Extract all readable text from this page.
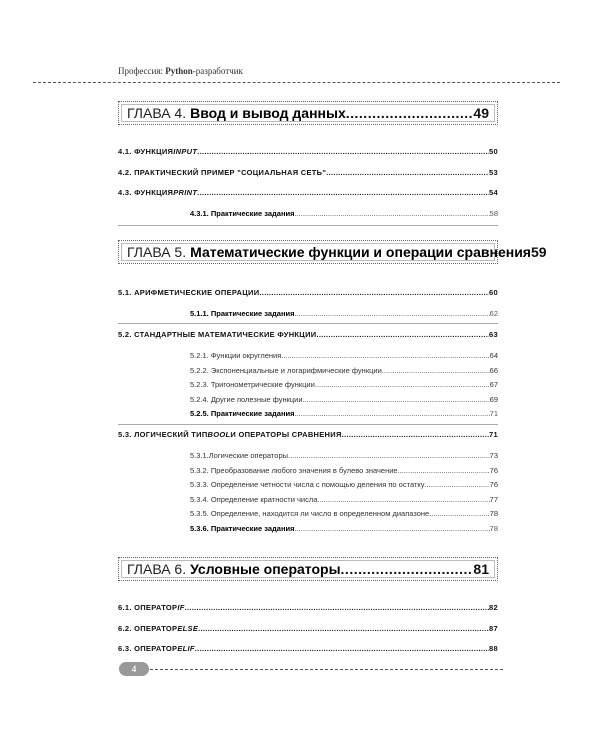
Профессия: Python-разработчик
ГЛАВА 4. Ввод и вывод данных .....	49
4.1. ФУНКЦИЯ INPUT .....	50
4.2. ПРАКТИЧЕСКИЙ ПРИМЕР "СОЦИАЛЬНАЯ СЕТЬ" .....	53
4.3. ФУНКЦИЯ PRINT .....	54
4.3.1. Практические задания .....	58
ГЛАВА 5. Математические функции и операции сравнения 59
5.1. АРИФМЕТИЧЕСКИЕ ОПЕРАЦИИ .....	60
5.1.1. Практические задания .....	62
5.2. СТАНДАРТНЫЕ МАТЕМАТИЧЕСКИЕ ФУНКЦИИ .....	63
5.2.1. Функции округления .....	64
5.2.2. Экспоненциальные и логарифмические функции .....	66
5.2.3. Тригонометрические функции .....	67
5.2.4. Другие полезные функции .....	69
5.2.5. Практические задания .....	71
5.3. ЛОГИЧЕСКИЙ ТИП BOOL И ОПЕРАТОРЫ СРАВНЕНИЯ .....	71
5.3.1.Логические операторы .....	73
5.3.2. Преобразование любого значения в булево значение .....	76
5.3.3. Определение четности числа с помощью деления по остатку .....	76
5.3.4. Определение кратности числа .....	77
5.3.5. Определение, находится ли число в определенном диапазоне .....	78
5.3.6. Практические задания .....	78
ГЛАВА 6. Условные операторы .....	81
6.1. ОПЕРАТОР IF .....	82
6.2. ОПЕРАТОР ELSE .....	87
6.3. ОПЕРАТОР ELIF .....	88
4
